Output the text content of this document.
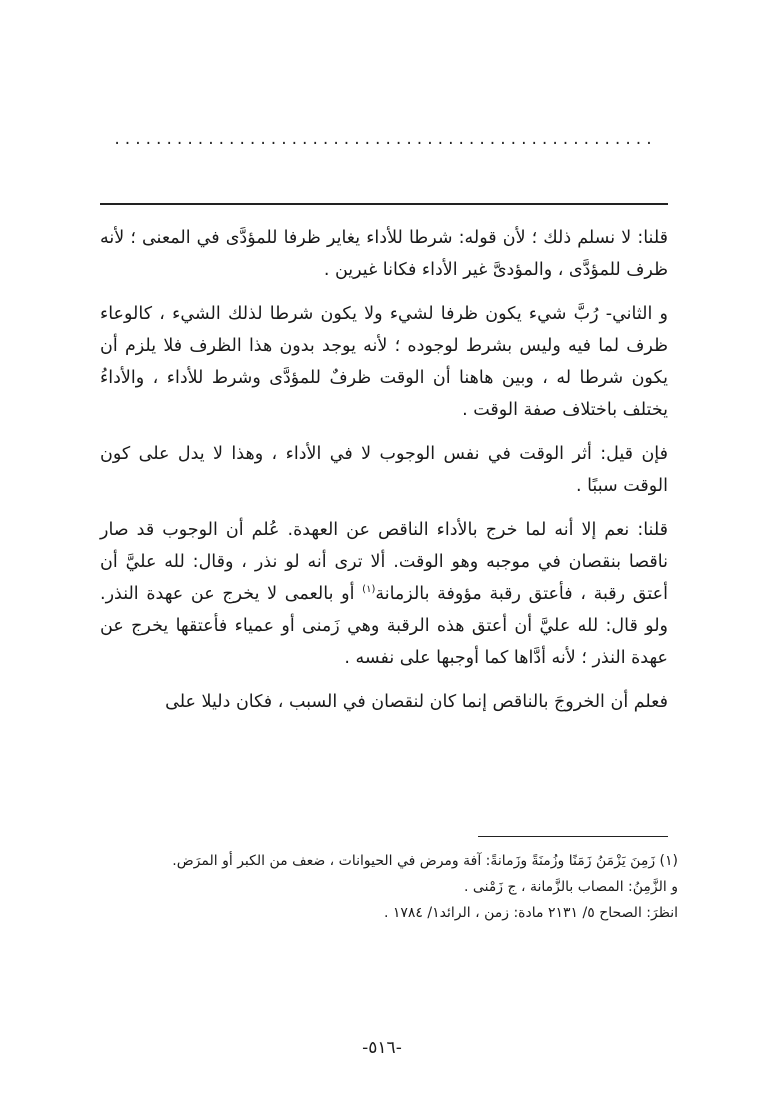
....................................................

قلنا: لا نسلم ذلك ؛ لأن قوله: شرطا للأداء يغاير ظرفا للمؤدَّى في المعنى ؛ لأنه ظرف للمؤدَّى ، والمؤدىَّ غير الأداء فكانا غيرين .

و الثاني- رُبَّ شيء يكون ظرفا لشيء ولا يكون شرطا لذلك الشيء ، كالوعاء ظرف لما فيه وليس بشرط لوجوده ؛ لأنه يوجد بدون هذا الظرف فلا يلزم أن يكون شرطا له ، وبين هاهنا أن الوقت ظرفٌ للمؤدَّى وشرط للأداء ، والأداءُ يختلف باختلاف صفة الوقت .

فإن قيل: أثر الوقت في نفس الوجوب لا في الأداء ، وهذا لا يدل على كون الوقت سببًا .

قلنا: نعم إلا أنه لما خرج بالأداء الناقص عن العهدة. عُلم أن الوجوب قد صار ناقصا بنقصان في موجبه وهو الوقت. ألا ترى أنه لو نذر ، وقال: لله عليَّ أن أعتق رقبة ، فأعتق رقبة مؤوفة بالزمانة$^{(١)}$ أو بالعمى لا يخرج عن عهدة النذر. ولو قال: لله عليَّ أن أعتق هذه الرقبة وهي زَمنى أو عمياء فأعتقها يخرج عن عهدة النذر ؛ لأنه أدَّاها كما أوجبها على نفسه .

فعلم أن الخروجَ بالناقص إنما كان لنقصان في السبب ، فكان دليلا على

(١) زَمِنَ يَزْمَنُ زَمَنًا وزُمنَةً وزَمانةً: آفة ومرض في الحيوانات ، ضعف من الكبر أو المرَض.
و الزَّمِنُ: المصاب بالزَّمانة ، ج زَمْنى .
انظرَ: الصحاح ٥/ ٢١٣١ مادة: زمن ، الرائد١/ ١٧٨٤ .
-٥١٦-
